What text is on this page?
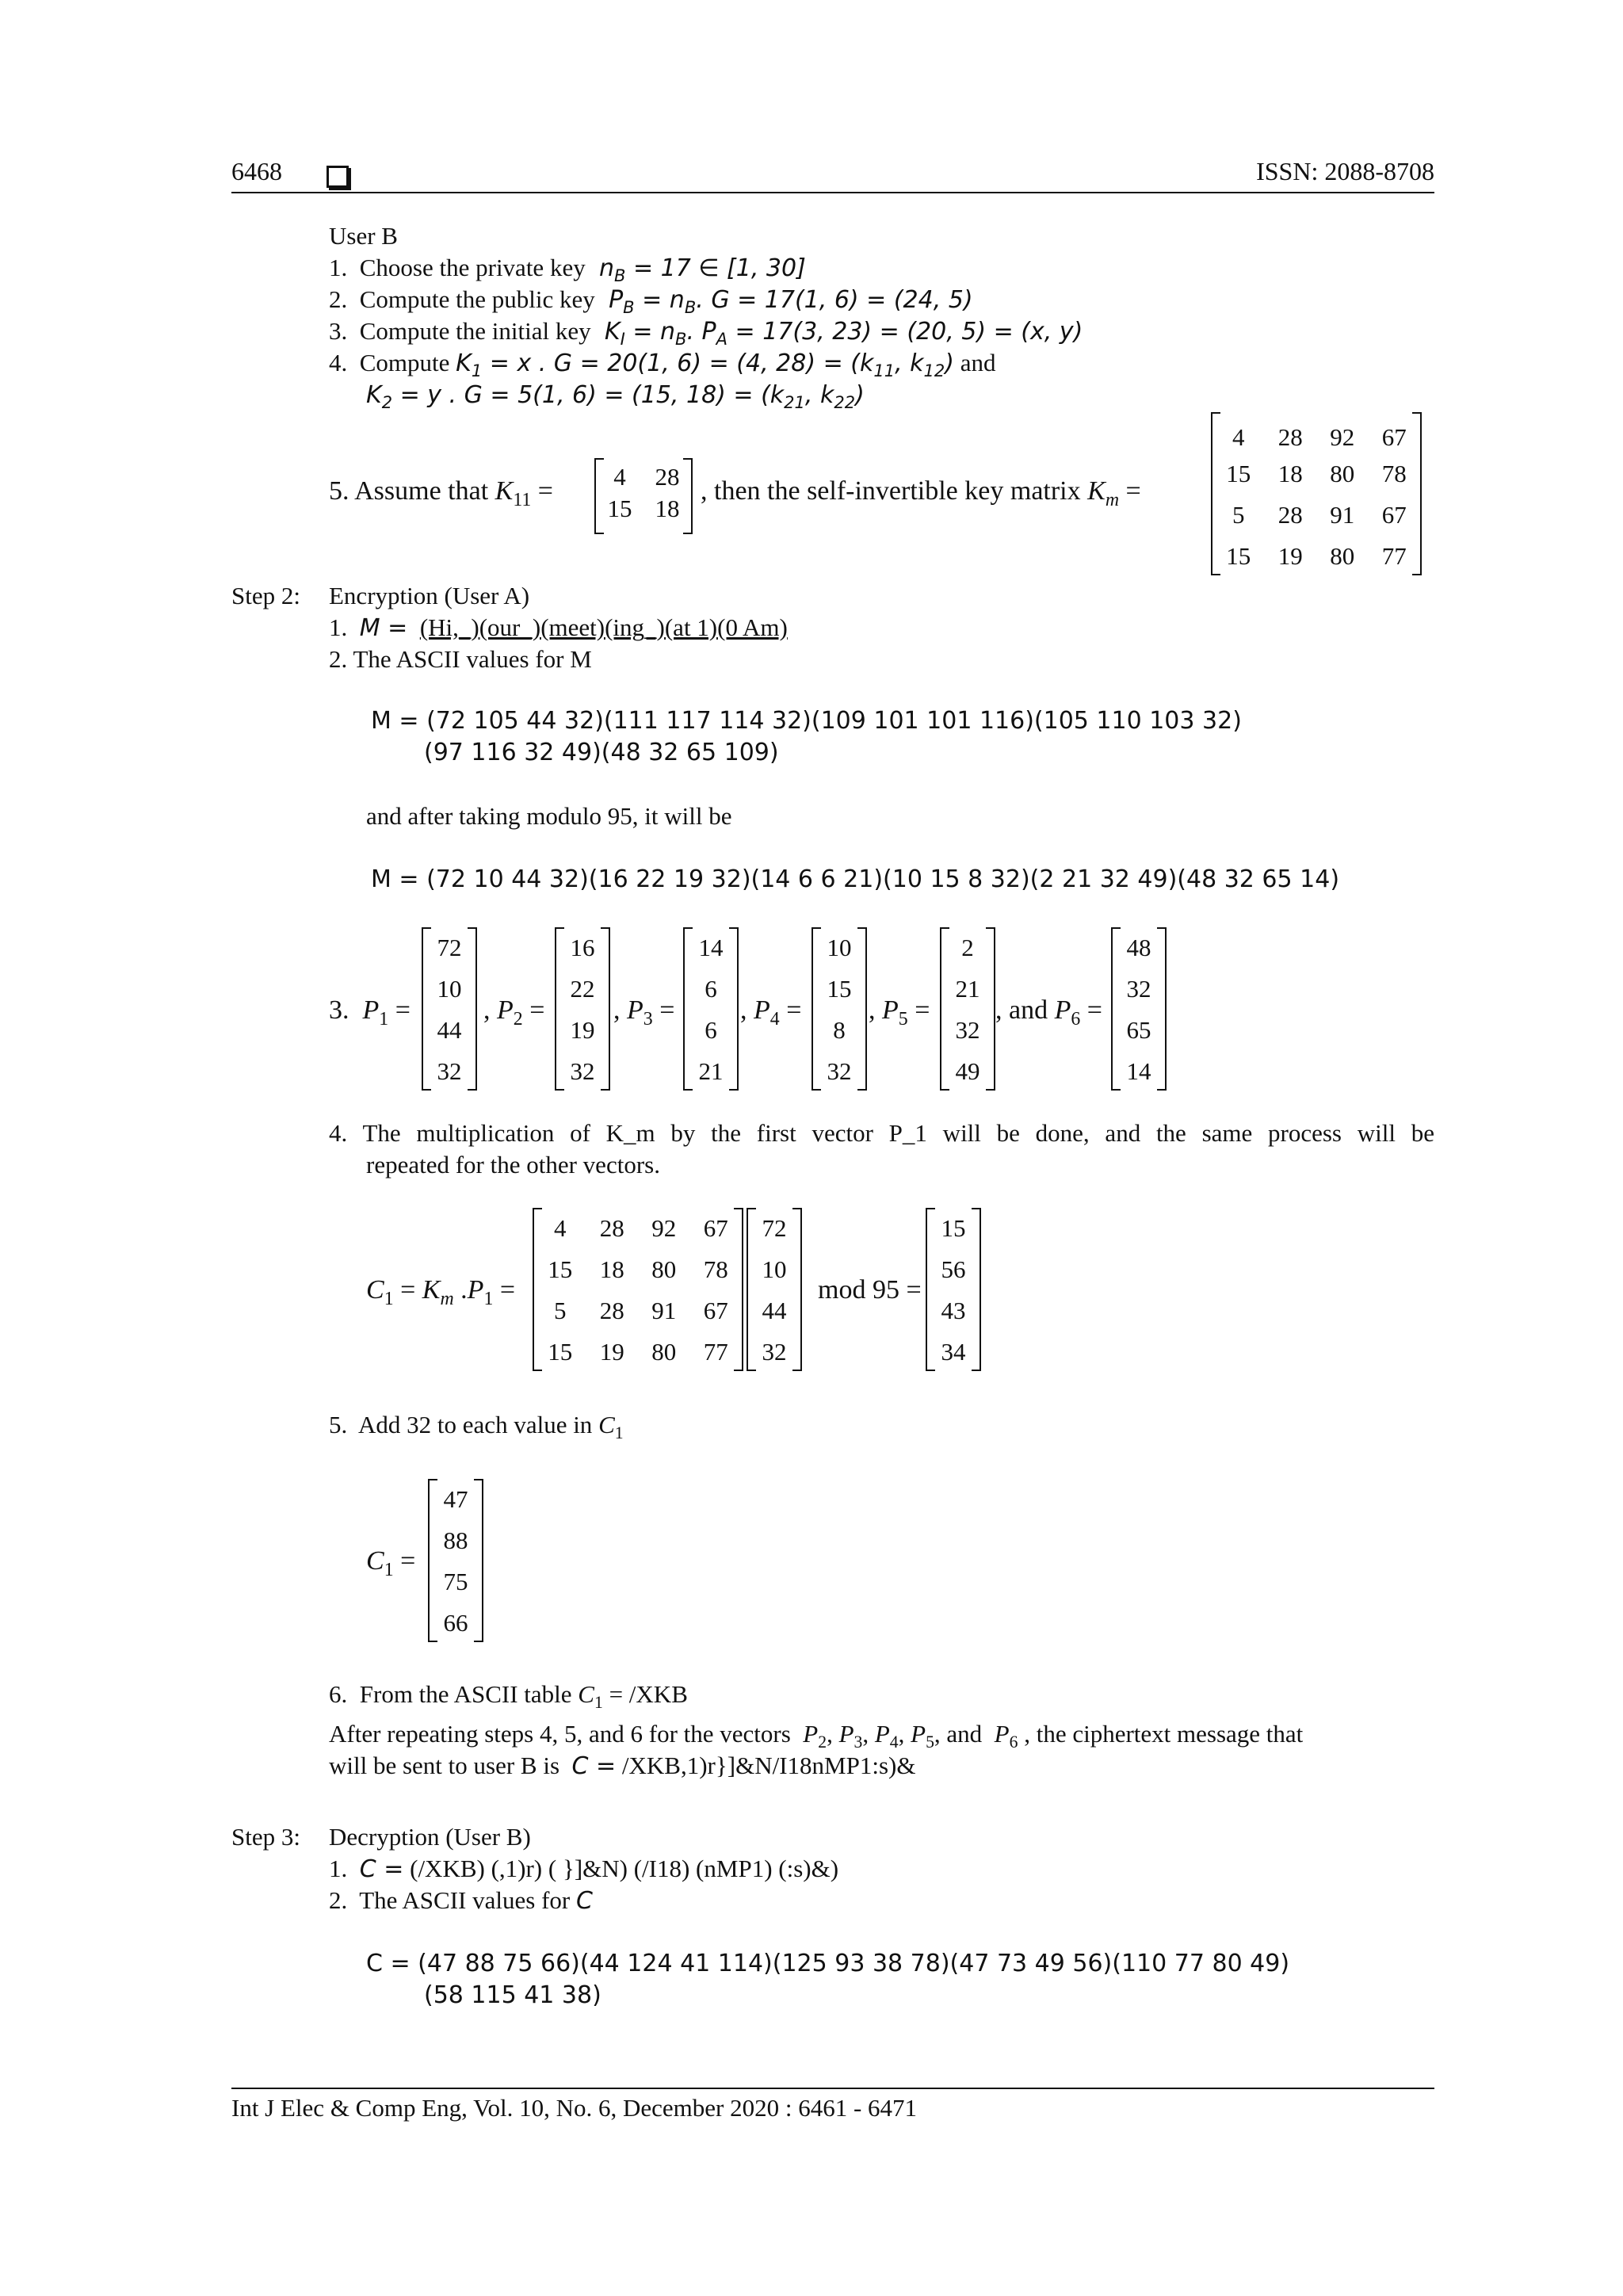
6468	ISSN: 2088-8708
User B
1.  Choose the private key  $n_B = 17$ ∈ [1, 30]
2.  Compute the public key  $P_B = n_B$. G = 17(1, 6) = (24, 5)
3.  Compute the initial key  $K_I = n_B$. $P_A = 17(3$, 23) = (20, 5) = (x, y)
4.  Compute $K_1 = x$ . G = 20(1, 6) = (4, $28) = (k_{11}$, $k_{12}$) and
$K_2 = y$ . G = 5(1, 6) = (15, $18) = (k_{21}$, $k_{22}$)
5. Assume that $K_{11}$ =	4	28
15 18
, then the self-invertible key matrix $K_m$ =
4	28	92	67
15	18	80	78
5	28	91	67
15	19	80	77
Step 2: Encryption (User A)
1.  M = (Hi,_)(our_)(meet)(ing_)(at 1)(0 Am)
2. The ASCII values for M
M = (72 105 44 32)(111 117 114 32)(109 101 101 116)(105 110 103 32)
(97 116 32 49)(48 32 65 109)
and after taking modulo 95, it will be
M = (72 10 44 32)(16 22 19 32)(14 6 6 21)(10 15 8 32)(2 21 32 49)(48 32 65 14)
3.  $P_1$ =
72
10
44
32
, $P_2$ =
16
22
19
32
, $P_3$ =
14
6
6
21
, $P_4$ =
10
15
8
32
, $P_5$ =
2
21
32
49
, and $P_6$ =
48
32
65
14
4. The multiplication of K_m by the first vector P_1 will be done, and the same process will be
repeated for the other vectors.
$C_1 = K_m$ $.P_1$ =
4	28	92	67
15	18	80	78
5	28	91	67
15	19	80	77
72
10
44
32
mod 95 =
15
56
43
34
5.  Add 32 to each value in $C_1$
$C_1$ =
47
88
75
66
6.  From the ASCII table $C_1 = /XKB$
After repeating steps 4, 5, and 6 for the vectors  $P_2$, $P_3$, $P_4$, $P_5$, and  $P_6$ , the ciphertext message that
will be sent to user B is  C = /XKB,1)r}]&N/I18nMP1:s)&
Step 3: Decryption (User B)
1.  C = (/XKB) (,1)r) ( }]&N) (/I18) (nMP1) (:s)&)
2.  The ASCII values for C
C = (47 88 75 66)(44 124 41 114)(125 93 38 78)(47 73 49 56)(110 77 80 49)
(58 115 41 38)
Int J Elec & Comp Eng, Vol. 10, No. 6, December 2020 : 6461 - 6471
